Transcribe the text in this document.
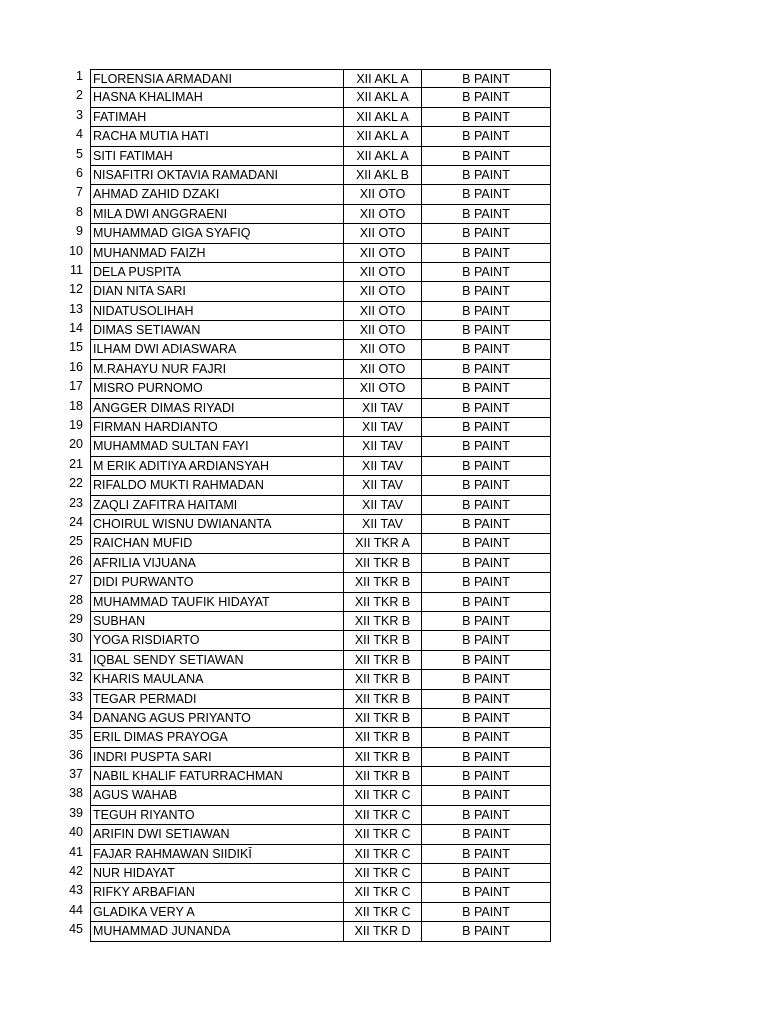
1 FLORENSIA ARMADANI	XII AKL A	B PAINT
2 HASNA KHALIMAH	XII AKL A	B PAINT
3 FATIMAH	XII AKL A	B PAINT
4 RACHA MUTIA HATI	XII AKL A	B PAINT
5 SITI FATIMAH	XII AKL A	B PAINT
6 NISAFITRI OKTAVIA RAMADANI	XII AKL B	B PAINT
7 AHMAD ZAHID DZAKI	XII OTO	B PAINT
8 MILA DWI ANGGRAENI	XII OTO	B PAINT
9 MUHAMMAD GIGA SYAFIQ	XII OTO	B PAINT
10 MUHANMAD FAIZH	XII OTO	B PAINT
11 DELA PUSPITA	XII OTO	B PAINT
12 DIAN NITA SARI	XII OTO	B PAINT
13 NIDATUSOLIHAH	XII OTO	B PAINT
14 DIMAS SETIAWAN	XII OTO	B PAINT
15 ILHAM DWI ADIASWARA	XII OTO	B PAINT
16 M.RAHAYU NUR FAJRI	XII OTO	B PAINT
17 MISRO PURNOMO	XII OTO	B PAINT
18 ANGGER DIMAS RIYADI	XII TAV	B PAINT
19 FIRMAN HARDIANTO	XII TAV	B PAINT
20 MUHAMMAD SULTAN FAYI	XII TAV	B PAINT
21 M ERIK ADITIYA ARDIANSYAH	XII TAV	B PAINT
22 RIFALDO MUKTI RAHMADAN	XII TAV	B PAINT
23 ZAQLI ZAFITRA HAITAMI	XII TAV	B PAINT
24 CHOIRUL WISNU DWIANANTA	XII TAV	B PAINT
25 RAICHAN MUFID	XII TKR A	B PAINT
26 AFRILIA VIJUANA	XII TKR B	B PAINT
27 DIDI PURWANTO	XII TKR B	B PAINT
28 MUHAMMAD TAUFIK HIDAYAT	XII TKR B	B PAINT
29 SUBHAN	XII TKR B	B PAINT
30 YOGA RISDIARTO	XII TKR B	B PAINT
31 IQBAL SENDY SETIAWAN	XII TKR B	B PAINT
32 KHARIS MAULANA	XII TKR B	B PAINT
33 TEGAR PERMADI	XII TKR B	B PAINT
34 DANANG AGUS PRIYANTO	XII TKR B	B PAINT
35 ERIL DIMAS PRAYOGA	XII TKR B	B PAINT
36 INDRI PUSPTA SARI	XII TKR B	B PAINT
37 NABIL KHALIF FATURRACHMAN	XII TKR B	B PAINT
38 AGUS WAHAB	XII TKR C	B PAINT
39 TEGUH RIYANTO	XII TKR C	B PAINT
40 ARIFIN DWI SETIAWAN	XII TKR C	B PAINT
41 FAJAR RAHMAWAN SIIDIKĪ	XII TKR C	B PAINT
42 NUR HIDAYAT	XII TKR C	B PAINT
43 RIFKY ARBAFIAN	XII TKR C	B PAINT
44 GLADIKA VERY A	XII TKR C	B PAINT
45 MUHAMMAD JUNANDA	XII TKR D	B PAINT
